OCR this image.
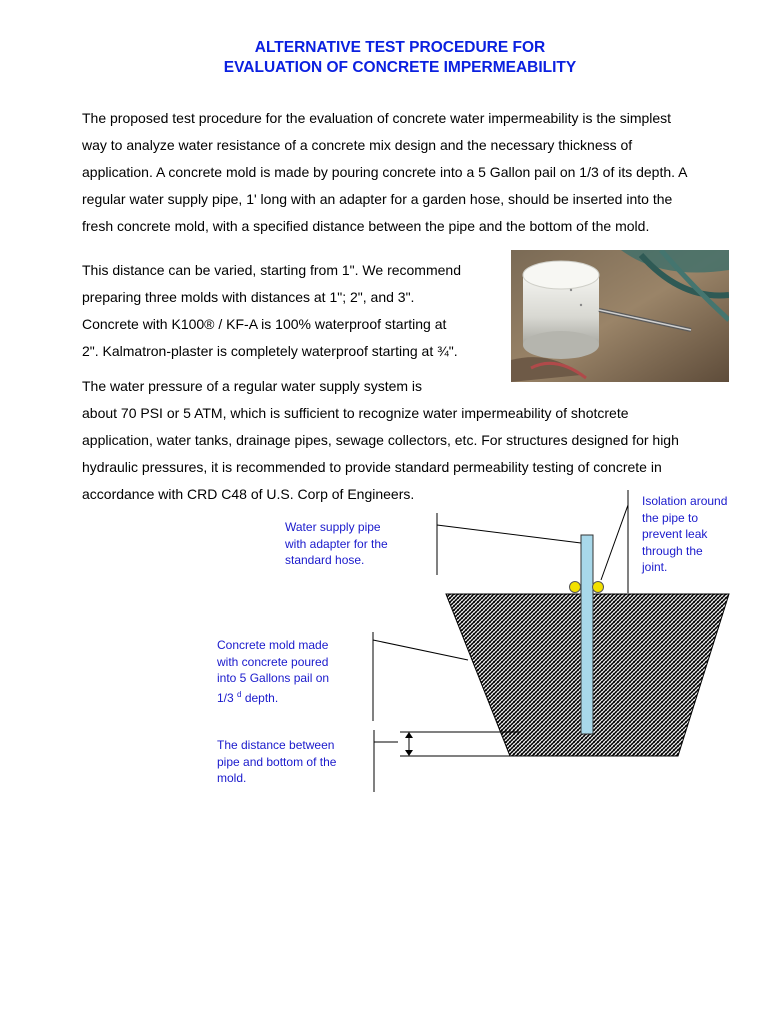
ALTERNATIVE TEST PROCEDURE FOR
EVALUATION OF CONCRETE IMPERMEABILITY

The proposed test procedure for the evaluation of concrete water impermeability is the simplest

way to analyze water resistance of a concrete mix design and the necessary thickness of

application. A concrete mold is made by pouring concrete into a 5 Gallon pail on 1/3 of its depth. A

regular water supply pipe, 1' long with an adapter for a garden hose, should be inserted into the

fresh concrete mold, with a specified distance between the pipe and the bottom of the mold.

This distance can be varied, starting from 1". We recommend

preparing three molds with distances at 1"; 2", and 3".

Concrete with K100® / KF-A is 100% waterproof starting at

2". Kalmatron-plaster is completely waterproof starting at ¾".

The water pressure of a regular water supply system is

about 70 PSI or 5 ATM, which is sufficient to recognize water impermeability of shotcrete

application, water tanks, drainage pipes, sewage collectors, etc. For structures designed for high

hydraulic pressures, it is recommended to provide standard permeability testing of concrete in

accordance with CRD C48 of U.S. Corp of Engineers.

Water supply pipe
with adapter for the
standard hose.
Isolation around
the pipe to
prevent leak
through the
joint.
Concrete mold made
with concrete poured
into 5 Gallons pail on
1/3 $^d$ depth.
The distance between
pipe and bottom of the
mold.
